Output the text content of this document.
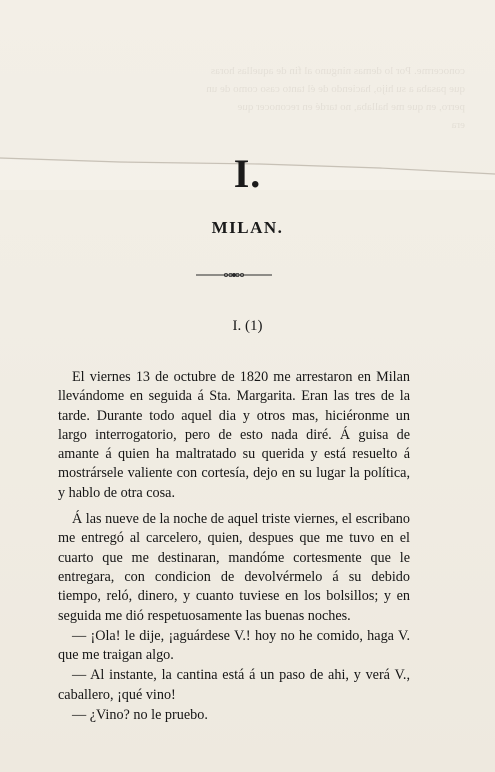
conocerme. Por lo demas ninguno al fin de aquellas horas
que pasaba a su hijo, haciendo de él tanto caso como de un
perro, en que me hallaba, no tardé en reconocer que
era
I.
MILAN.
I. (1)

El viernes 13 de octubre de 1820 me arrestaron en Milan llevándome en seguida á Sta. Margarita. Eran las tres de la tarde. Durante todo aquel dia y otros mas, hiciéronme un largo interrogatorio, pero de esto nada diré. Á guisa de amante á quien ha maltratado su querida y está resuelto á mostrársele valiente con cortesía, dejo en su lugar la política, y hablo de otra cosa.

Á las nueve de la noche de aquel triste viernes, el escribano me entregó al carcelero, quien, despues que me tuvo en el cuarto que me destinaran, mandóme cortesmente que le entregara, con condicion de devolvérmelo á su debido tiempo, reló, dinero, y cuanto tuviese en los bolsillos; y en seguida me dió respetuosamente las buenas noches.

— ¡Ola! le dije, ¡aguárdese V.! hoy no he comido, haga V. que me traigan algo.

— Al instante, la cantina está á un paso de ahi, y verá V., caballero, ¡qué vino!

— ¿Vino? no le pruebo.
